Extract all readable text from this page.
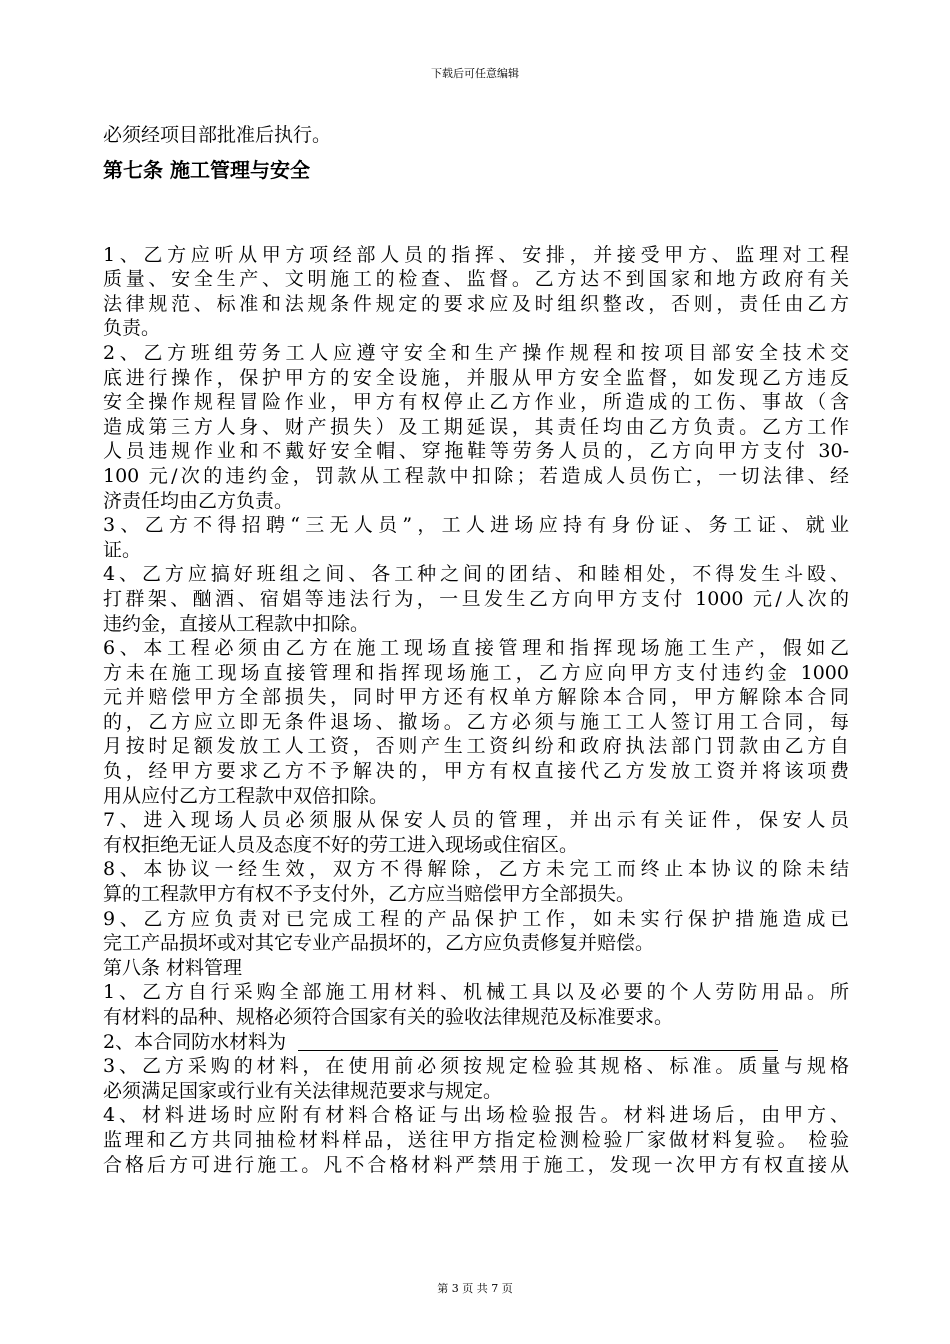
下载后可任意编辑
必须经项目部批准后执行。
第七条 施工管理与安全
1、乙方应听从甲方项经部人员的指挥、安排，并接受甲方、监理对工程
质量、安全生产、文明施工的检查、监督。乙方达不到国家和地方政府有关
法律规范、标准和法规条件规定的要求应及时组织整改，否则，责任由乙方
负责。
2、乙方班组劳务工人应遵守安全和生产操作规程和按项目部安全技术交
底进行操作，保护甲方的安全设施，并服从甲方安全监督，如发现乙方违反
安全操作规程冒险作业，甲方有权停止乙方作业，所造成的工伤、事故（含
造成第三方人身、财产损失）及工期延误，其责任均由乙方负责。乙方工作
人员违规作业和不戴好安全帽、穿拖鞋等劳务人员的，乙方向甲方支付 30-
100 元/次的违约金，罚款从工程款中扣除；若造成人员伤亡，一切法律、经
济责任均由乙方负责。
3、乙方不得招聘“三无人员”，工人进场应持有身份证、务工证、就业
证。
4、乙方应搞好班组之间、各工种之间的团结、和睦相处，不得发生斗殴、
打群架、酗酒、宿娼等违法行为，一旦发生乙方向甲方支付 1000 元/人次的
违约金，直接从工程款中扣除。
6、本工程必须由乙方在施工现场直接管理和指挥现场施工生产，假如乙
方未在施工现场直接管理和指挥现场施工，乙方应向甲方支付违约金 1000
元并赔偿甲方全部损失，同时甲方还有权单方解除本合同，甲方解除本合同
的，乙方应立即无条件退场、撤场。乙方必须与施工工人签订用工合同，每
月按时足额发放工人工资，否则产生工资纠纷和政府执法部门罚款由乙方自
负，经甲方要求乙方不予解决的，甲方有权直接代乙方发放工资并将该项费
用从应付乙方工程款中双倍扣除。
7、进入现场人员必须服从保安人员的管理，并出示有关证件，保安人员
有权拒绝无证人员及态度不好的劳工进入现场或住宿区。
8、本协议一经生效，双方不得解除，乙方未完工而终止本协议的除未结
算的工程款甲方有权不予支付外，乙方应当赔偿甲方全部损失。
9、乙方应负责对已完成工程的产品保护工作，如未实行保护措施造成已
完工产品损坏或对其它专业产品损坏的，乙方应负责修复并赔偿。
第八条 材料管理
1、乙方自行采购全部施工用材料、机械工具以及必要的个人劳防用品。所
有材料的品种、规格必须符合国家有关的验收法律规范及标准要求。
2、本合同防水材料为
3、乙方采购的材料，在使用前必须按规定检验其规格、标准。质量与规格
必须满足国家或行业有关法律规范要求与规定。
4、材料进场时应附有材料合格证与出场检验报告。材料进场后，由甲方、
监理和乙方共同抽检材料样品，送往甲方指定检测检验厂家做材料复验。 检验
合格后方可进行施工。凡不合格材料严禁用于施工，发现一次甲方有权直接从
第 3 页 共 7 页
